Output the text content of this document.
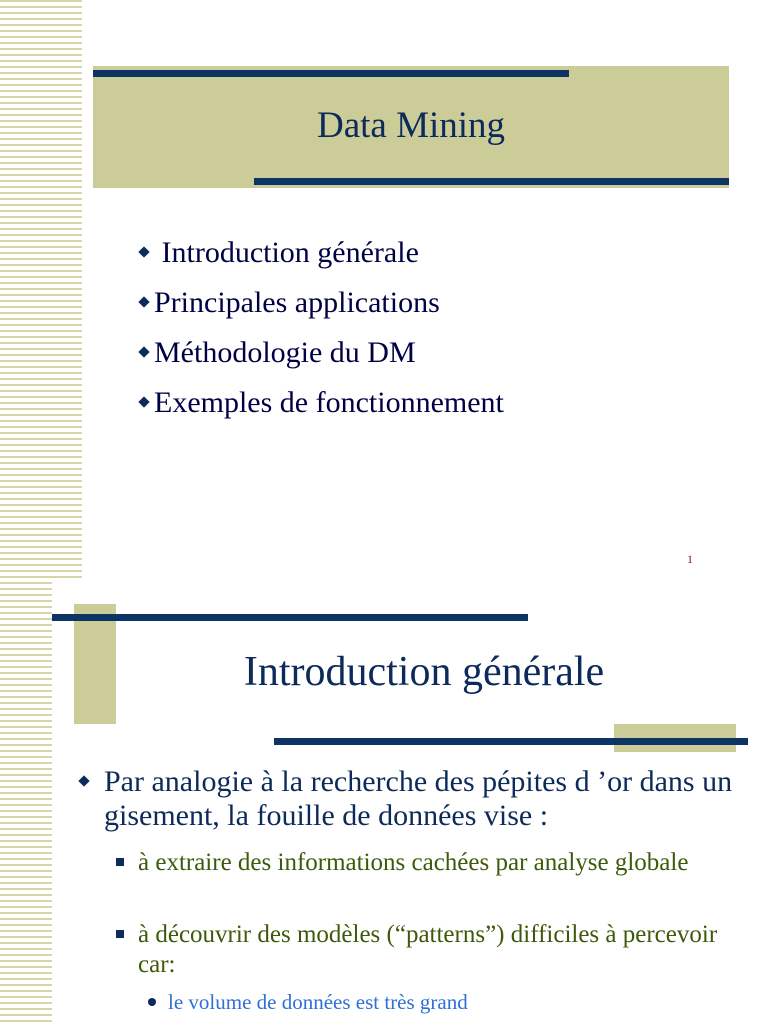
Data Mining
Introduction générale
Principales applications
Méthodologie du DM
Exemples de fonctionnement
1
Introduction générale
Par analogie à la recherche des pépites d ’or dans un gisement, la fouille de données vise :
à extraire des informations cachées par analyse globale
à découvrir des modèles (“patterns”) difficiles à percevoir car:
le volume de données est très grand
